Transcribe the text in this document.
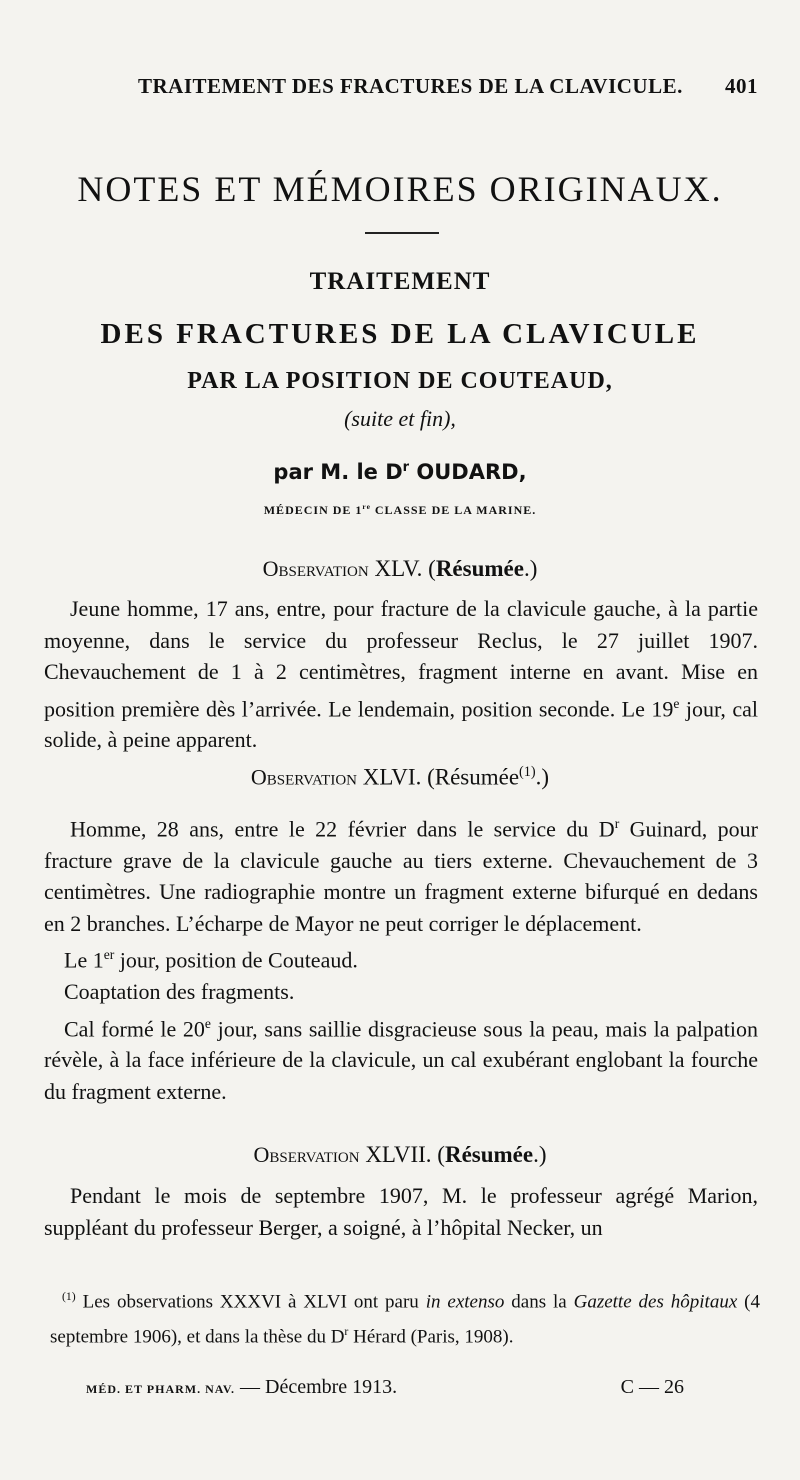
TRAITEMENT DES FRACTURES DE LA CLAVICULE. 401
NOTES ET MÉMOIRES ORIGINAUX.
TRAITEMENT
DES FRACTURES DE LA CLAVICULE
PAR LA POSITION DE COUTEAUD,
(suite et fin),
par M. le $D^r$ OUDARD,
MÉDECIN DE 1re CLASSE DE LA MARINE.
Observation XLV. (Résumée.)

Jeune homme, 17 ans, entre, pour fracture de la clavicule gauche, à la partie moyenne, dans le service du professeur Reclus, le 27 juillet 1907. Chevauchement de 1 à 2 centimètres, fragment interne en avant. Mise en position première dès l’arrivée. Le lendemain, position seconde. Le 19e jour, cal solide, à peine apparent.

Observation XLVI. (Résumée$^{(1)}$.)

Homme, 28 ans, entre le 22 février dans le service du $D^r$ Guinard, pour fracture grave de la clavicule gauche au tiers externe. Chevauchement de 3 centimètres. Une radiographie montre un fragment externe bifurqué en dedans en 2 branches. L’écharpe de Mayor ne peut corriger le déplacement.

Le 1er jour, position de Couteaud.

Coaptation des fragments.

Cal formé le 20e jour, sans saillie disgracieuse sous la peau, mais la palpation révèle, à la face inférieure de la clavicule, un cal exubérant englobant la fourche du fragment externe.

Observation XLVII. (Résumée.)

Pendant le mois de septembre 1907, M. le professeur agrégé Marion, suppléant du professeur Berger, a soigné, à l’hôpital Necker, un

$^{(1)}$ Les observations XXXVI à XLVI ont paru in extenso dans la Gazette des hôpitaux (4 septembre 1906), et dans la thèse du $D^r$ Hérard (Paris, 1908).

MÉD. ET PHARM. NAV. — Décembre 1913.	C — 26
